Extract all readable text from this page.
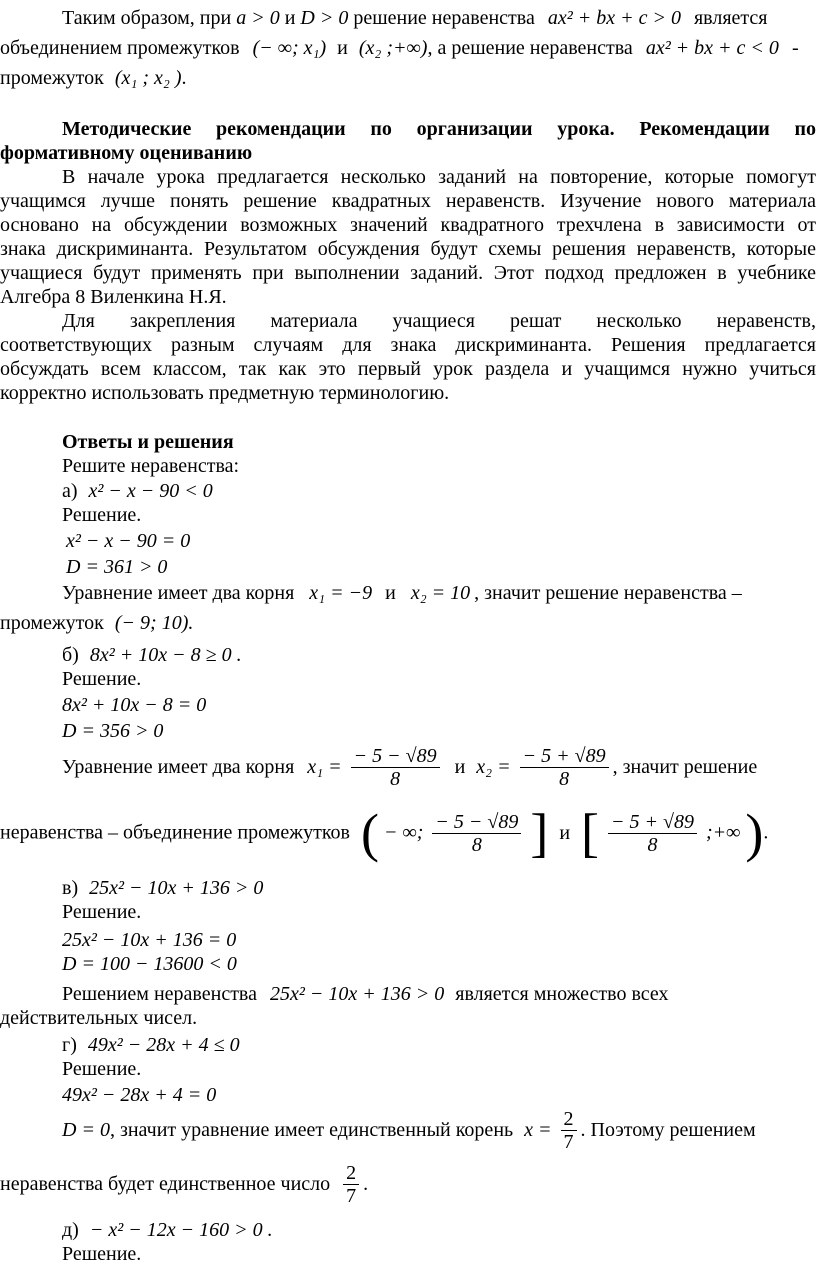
Таким образом, при a > 0 и D > 0 решение неравенства ax² + bx + c > 0 является
объединением промежутков (− ∞; x₁) и (x₂ ;+∞), а решение неравенства ax² + bx + c < 0 -
промежуток (x₁ ; x₂ ).
Методические рекомендации по организации урока. Рекомендации по
формативному оцениванию
В начале урока предлагается несколько заданий на повторение, которые помогут
учащимся лучше понять решение квадратных неравенств. Изучение нового материала
основано на обсуждении возможных значений квадратного трехчлена в зависимости от
знака дискриминанта. Результатом обсуждения будут схемы решения неравенств, которые
учащиеся будут применять при выполнении заданий. Этот подход предложен в учебнике
Алгебра 8 Виленкина Н.Я.
Для закрепления материала учащиеся решат несколько неравенств,
соответствующих разным случаям для знака дискриминанта. Решения предлагается
обсуждать всем классом, так как это первый урок раздела и учащимся нужно учиться
корректно использовать предметную терминологию.
Ответы и решения
Решите неравенства:
а) x² − x − 90 < 0
Решение.
x² − x − 90 = 0
D = 361 > 0
Уравнение имеет два корня x₁ = −9 и x₂ = 10 , значит решение неравенства –
промежуток (− 9; 10).
б) 8x² + 10x − 8 ≥ 0 .
Решение.
8x² + 10x − 8 = 0
D = 356 > 0
Уравнение имеет два корня $x_1 = \frac{- 5 - √89}{8}$ и $x_2 = \frac{- 5 + √89}{8}$ , значит решение
неравенства – объединение промежутков ( − ∞; $\frac{- 5 - √89}{8}$ ] и [ $\frac{- 5 + √89}{8}$ ;+∞ ).
в) 25x² − 10x + 136 > 0
Решение.
25x² − 10x + 136 = 0
D = 100 − 13600 < 0
Решением неравенства 25x² − 10x + 136 > 0 является множество всех
действительных чисел.
г) 49x² − 28x + 4 ≤ 0
Решение.
49x² − 28x + 4 = 0
D = 0, значит уравнение имеет единственный корень $x = \frac{2}{7}$ . Поэтому решением
неравенства будет единственное число $\frac{2}{7}$ .
д) − x² − 12x − 160 > 0 .
Решение.
